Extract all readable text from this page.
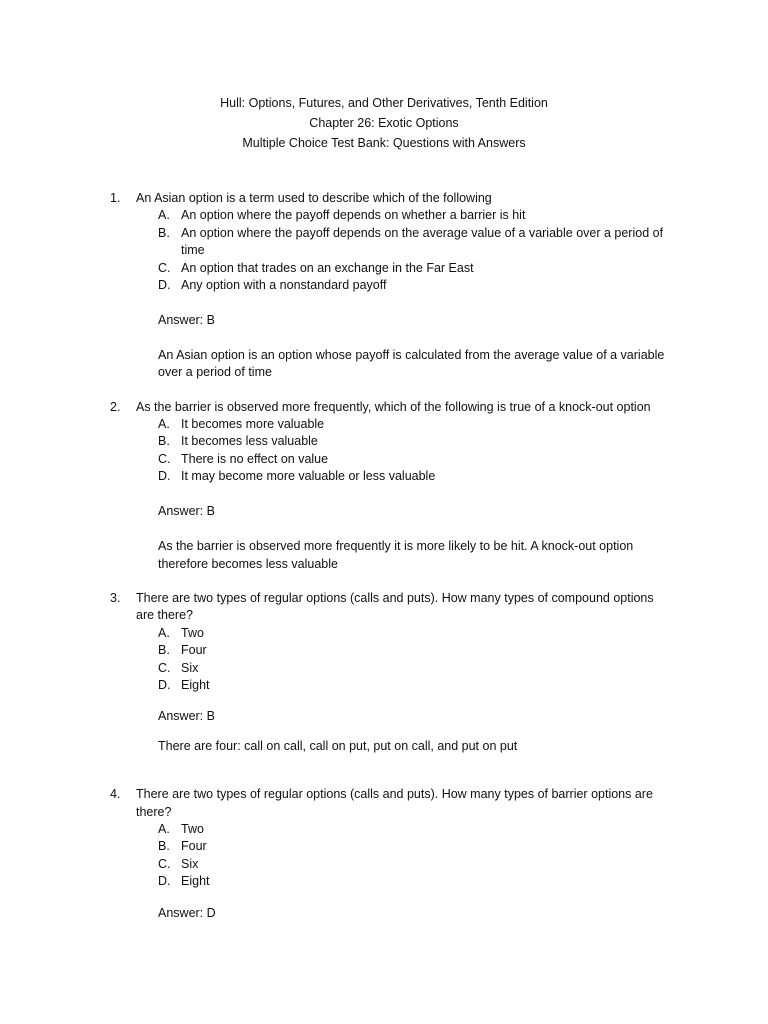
Hull: Options, Futures, and Other Derivatives, Tenth Edition
Chapter 26: Exotic Options
Multiple Choice Test Bank: Questions with Answers
1. An Asian option is a term used to describe which of the following
A. An option where the payoff depends on whether a barrier is hit
B. An option where the payoff depends on the average value of a variable over a period of time
C. An option that trades on an exchange in the Far East
D. Any option with a nonstandard payoff
Answer: B
An Asian option is an option whose payoff is calculated from the average value of a variable over a period of time
2. As the barrier is observed more frequently, which of the following is true of a knock-out option
A. It becomes more valuable
B. It becomes less valuable
C. There is no effect on value
D. It may become more valuable or less valuable
Answer: B
As the barrier is observed more frequently it is more likely to be hit. A knock-out option therefore becomes less valuable
3. There are two types of regular options (calls and puts). How many types of compound options are there?
A. Two
B. Four
C. Six
D. Eight
Answer: B
There are four: call on call, call on put, put on call, and put on put
4. There are two types of regular options (calls and puts). How many types of barrier options are there?
A. Two
B. Four
C. Six
D. Eight
Answer: D
